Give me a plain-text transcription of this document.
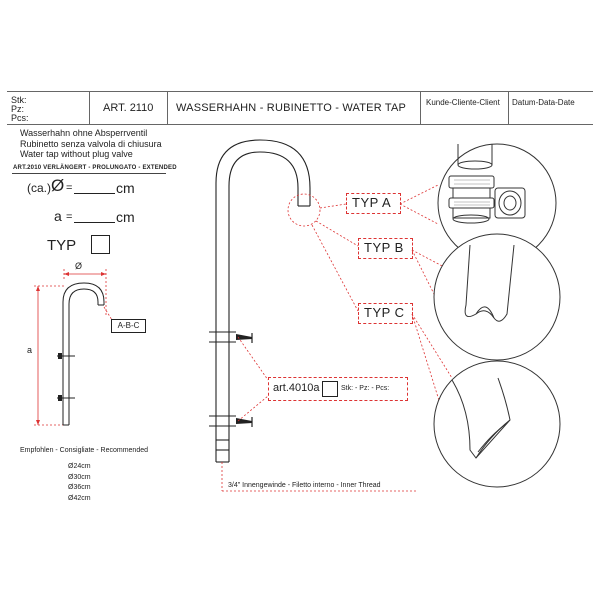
Stk:
Pz:
Pcs:
ART. 2110 WASSERHAHN - RUBINETTO - WATER TAP Kunde-Cliente-Client Datum-Data-Date
Wasserhahn ohne Absperrventil
Rubinetto senza valvola di chiusura
Water tap without plug valve
ART.2010 VERLÄNGERT - PROLUNGATO - EXTENDED
(ca.) Ø =	cm
a =	cm
TYP
Empfohlen - Consigliate - Recommended
Ø24cm
Ø30cm
Ø36cm
Ø42cm
Ø
a
A-B-C
TYP A
TYP B
TYP C
art.4010a	Stk: - Pz: - Pcs:
3/4" Innengewinde - Filetto interno - Inner Thread
